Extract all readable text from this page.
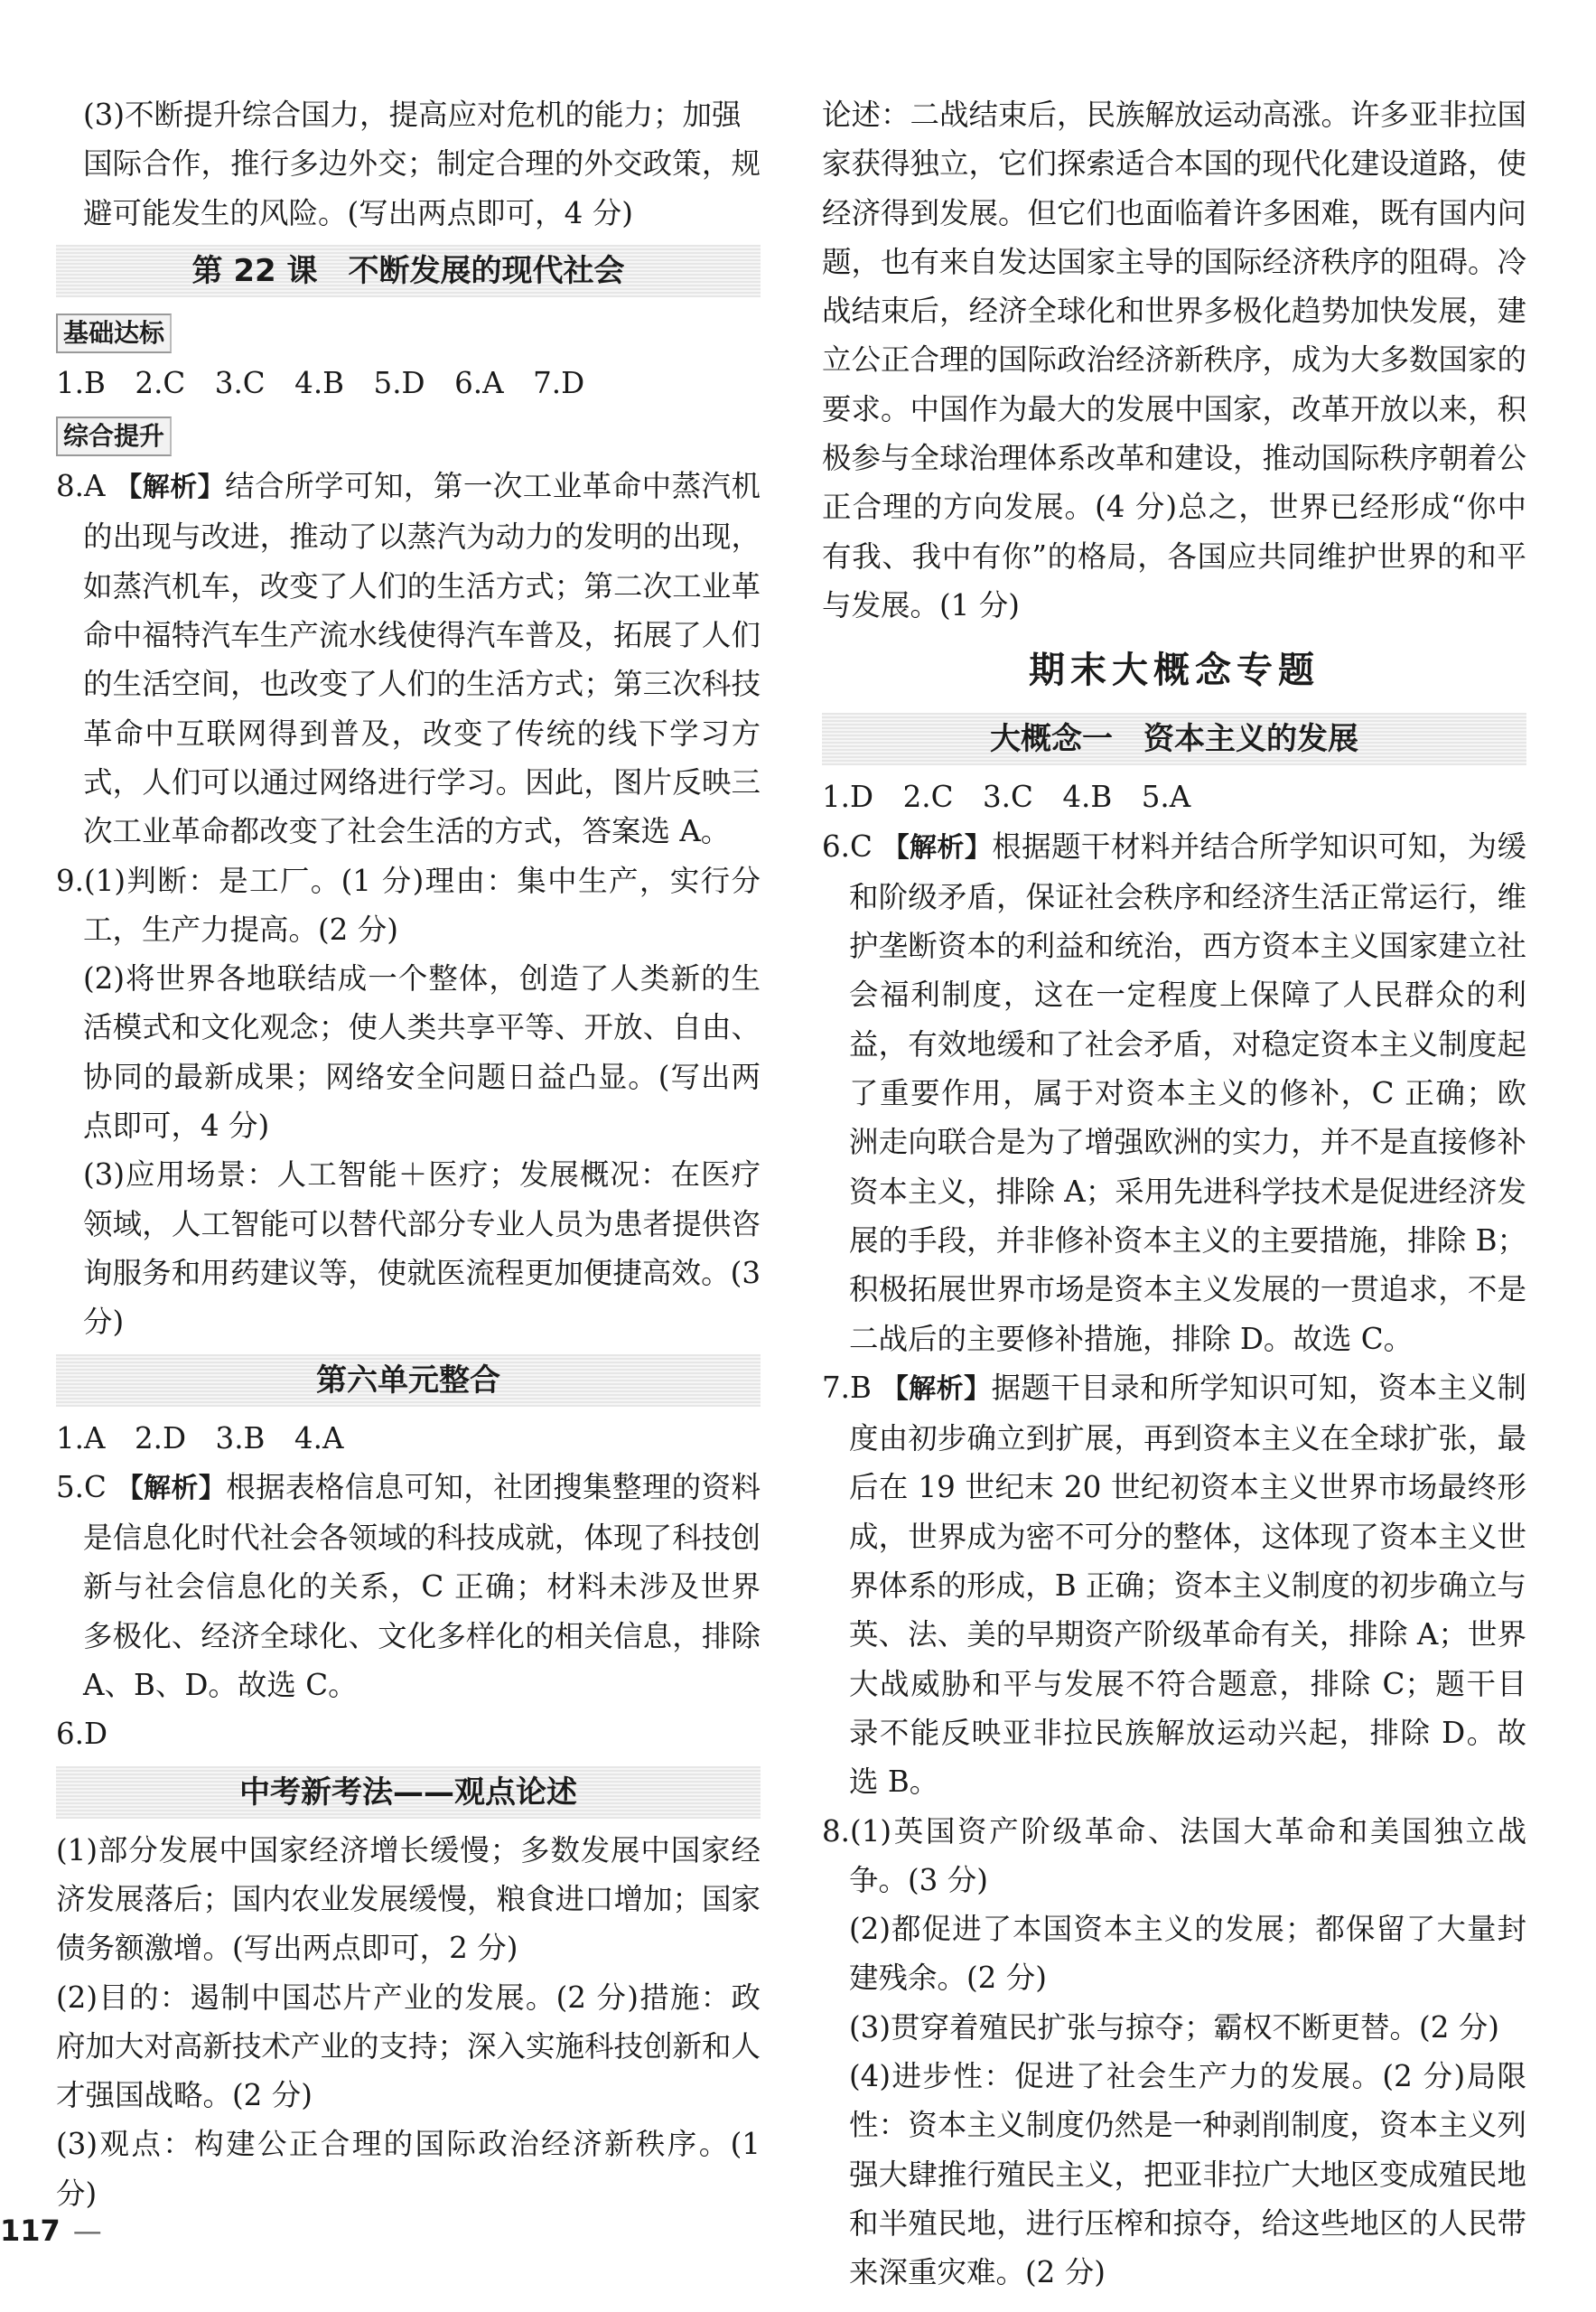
(3)不断提升综合国力，提高应对危机的能力；加强

国际合作，推行多边外交；制定合理的外交政策，规避可能发生的风险。(写出两点即可，4 分)

第 22 课　不断发展的现代社会
基础达标

1.B　2.C　3.C　4.B　5.D　6.A　7.D

综合提升

8.A 【解析】结合所学可知，第一次工业革命中蒸汽机的出现与改进，推动了以蒸汽为动力的发明的出现，如蒸汽机车，改变了人们的生活方式；第二次工业革命中福特汽车生产流水线使得汽车普及，拓展了人们的生活空间，也改变了人们的生活方式；第三次科技革命中互联网得到普及，改变了传统的线下学习方式，人们可以通过网络进行学习。因此，图片反映三次工业革命都改变了社会生活的方式，答案选 A。

9.(1)判断：是工厂。(1 分)理由：集中生产，实行分工，生产力提高。(2 分)

(2)将世界各地联结成一个整体，创造了人类新的生活模式和文化观念；使人类共享平等、开放、自由、协同的最新成果；网络安全问题日益凸显。(写出两点即可，4 分)

(3)应用场景：人工智能＋医疗；发展概况：在医疗领域，人工智能可以替代部分专业人员为患者提供咨询服务和用药建议等，使就医流程更加便捷高效。(3 分)

第六单元整合

1.A　2.D　3.B　4.A

5.C 【解析】根据表格信息可知，社团搜集整理的资料是信息化时代社会各领域的科技成就，体现了科技创新与社会信息化的关系，C 正确；材料未涉及世界多极化、经济全球化、文化多样化的相关信息，排除 A、B、D。故选 C。

6.D

中考新考法——观点论述

(1)部分发展中国家经济增长缓慢；多数发展中国家经济发展落后；国内农业发展缓慢，粮食进口增加；国家债务额激增。(写出两点即可，2 分)

(2)目的：遏制中国芯片产业的发展。(2 分)措施：政府加大对高新技术产业的支持；深入实施科技创新和人才强国战略。(2 分)

(3)观点：构建公正合理的国际政治经济新秩序。(1 分)

论述：二战结束后，民族解放运动高涨。许多亚非拉国家获得独立，它们探索适合本国的现代化建设道路，使经济得到发展。但它们也面临着许多困难，既有国内问题，也有来自发达国家主导的国际经济秩序的阻碍。冷战结束后，经济全球化和世界多极化趋势加快发展，建立公正合理的国际政治经济新秩序，成为大多数国家的要求。中国作为最大的发展中国家，改革开放以来，积极参与全球治理体系改革和建设，推动国际秩序朝着公正合理的方向发展。(4 分)总之，世界已经形成“你中有我、我中有你”的格局，各国应共同维护世界的和平与发展。(1 分)

期末大概念专题
大概念一　资本主义的发展

1.D　2.C　3.C　4.B　5.A

6.C 【解析】根据题干材料并结合所学知识可知，为缓和阶级矛盾，保证社会秩序和经济生活正常运行，维护垄断资本的利益和统治，西方资本主义国家建立社会福利制度，这在一定程度上保障了人民群众的利益，有效地缓和了社会矛盾，对稳定资本主义制度起了重要作用，属于对资本主义的修补，C 正确；欧洲走向联合是为了增强欧洲的实力，并不是直接修补资本主义，排除 A；采用先进科学技术是促进经济发展的手段，并非修补资本主义的主要措施，排除 B；积极拓展世界市场是资本主义发展的一贯追求，不是二战后的主要修补措施，排除 D。故选 C。

7.B 【解析】据题干目录和所学知识可知，资本主义制度由初步确立到扩展，再到资本主义在全球扩张，最后在 19 世纪末 20 世纪初资本主义世界市场最终形成，世界成为密不可分的整体，这体现了资本主义世界体系的形成，B 正确；资本主义制度的初步确立与英、法、美的早期资产阶级革命有关，排除 A；世界大战威胁和平与发展不符合题意，排除 C；题干目录不能反映亚非拉民族解放运动兴起，排除 D。故选 B。

8.(1)英国资产阶级革命、法国大革命和美国独立战争。(3 分)

(2)都促进了本国资本主义的发展；都保留了大量封建残余。(2 分)

(3)贯穿着殖民扩张与掠夺；霸权不断更替。(2 分)

(4)进步性：促进了社会生产力的发展。(2 分)局限性：资本主义制度仍然是一种剥削制度，资本主义列强大肆推行殖民主义，把亚非拉广大地区变成殖民地和半殖民地，进行压榨和掠夺，给这些地区的人民带来深重灾难。(2 分)

117 —
